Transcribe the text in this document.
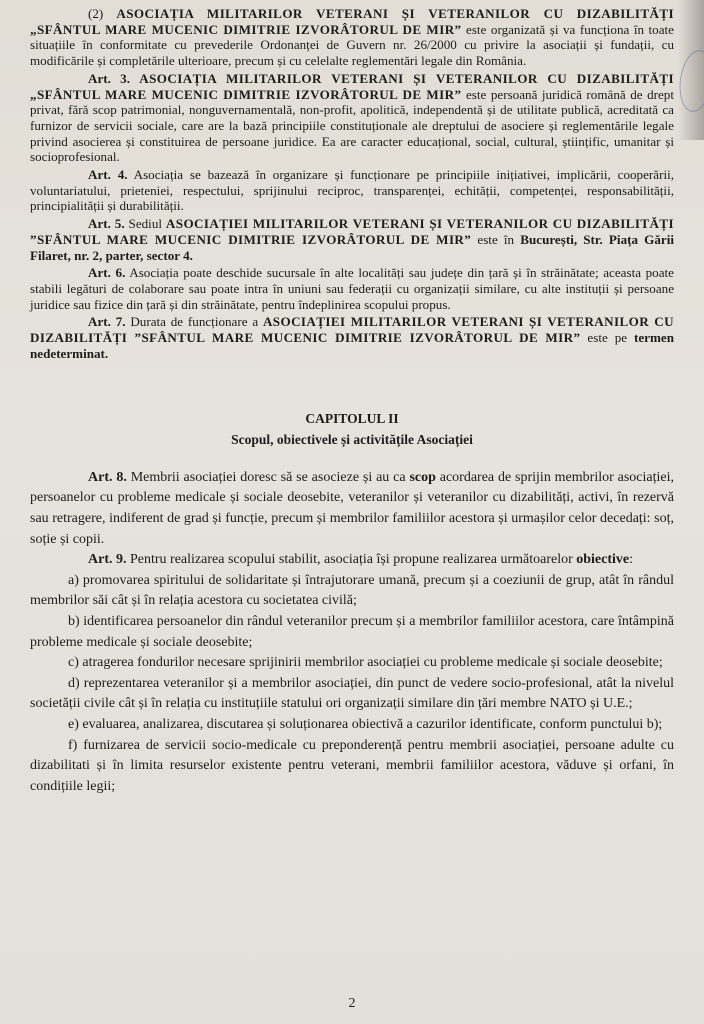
(2) ASOCIAȚIA MILITARILOR VETERANI ȘI VETERANILOR CU DIZABILITĂȚI „SFÂNTUL MARE MUCENIC DIMITRIE IZVORÂTORUL DE MIR” este organizată și va funcționa în toate situațiile în conformitate cu prevederile Ordonanței de Guvern nr. 26/2000 cu privire la asociații și fundații, cu modificările și completările ulterioare, precum și cu celelalte reglementări legale din România.

Art. 3. ASOCIAȚIA MILITARILOR VETERANI ȘI VETERANILOR CU DIZABILITĂȚI „SFÂNTUL MARE MUCENIC DIMITRIE IZVORÂTORUL DE MIR” este persoană juridică română de drept privat, fără scop patrimonial, nonguvernamentală, non-profit, apolitică, independentă și de utilitate publică, acreditată ca furnizor de servicii sociale, care are la bază principiile constituționale ale dreptului de asociere și reglementările legale privind asocierea și constituirea de persoane juridice. Ea are caracter educațional, social, cultural, științific, umanitar și socioprofesional.

Art. 4. Asociația se bazează în organizare și funcționare pe principiile inițiativei, implicării, cooperării, voluntariatului, prieteniei, respectului, sprijinului reciproc, transparenței, echității, competenței, responsabilității, principialității și durabilității.

Art. 5. Sediul ASOCIAȚIEI MILITARILOR VETERANI ȘI VETERANILOR CU DIZABILITĂȚI ”SFÂNTUL MARE MUCENIC DIMITRIE IZVORÂTORUL DE MIR” este în București, Str. Piața Gării Filaret, nr. 2, parter, sector 4.

Art. 6. Asociația poate deschide sucursale în alte localități sau județe din țară și în străinătate; aceasta poate stabili legături de colaborare sau poate intra în uniuni sau federații cu organizații similare, cu alte instituții și persoane juridice sau fizice din țară și din străinătate, pentru îndeplinirea scopului propus.

Art. 7. Durata de funcționare a ASOCIAȚIEI MILITARILOR VETERANI ȘI VETERANILOR CU DIZABILITĂȚI ”SFÂNTUL MARE MUCENIC DIMITRIE IZVORÂTORUL DE MIR” este pe termen nedeterminat.

CAPITOLUL II
Scopul, obiectivele și activitățile Asociației

Art. 8. Membrii asociației doresc să se asocieze și au ca scop acordarea de sprijin membrilor asociației, persoanelor cu probleme medicale și sociale deosebite, veteranilor și veteranilor cu dizabilități, activi, în rezervă sau retragere, indiferent de grad și funcție, precum și membrilor familiilor acestora și urmașilor celor decedați: soț, soție și copii.

Art. 9. Pentru realizarea scopului stabilit, asociația își propune realizarea următoarelor obiective:

a) promovarea spiritului de solidaritate și întrajutorare umană, precum și a coeziunii de grup, atât în rândul membrilor săi cât și în relația acestora cu societatea civilă;

b) identificarea persoanelor din rândul veteranilor precum și a membrilor familiilor acestora, care întâmpină probleme medicale și sociale deosebite;

c) atragerea fondurilor necesare sprijinirii membrilor asociației cu probleme medicale și sociale deosebite;

d) reprezentarea veteranilor și a membrilor asociației, din punct de vedere socio-profesional, atât la nivelul societății civile cât și în relația cu instituțiile statului ori organizații similare din țări membre NATO și U.E.;

e) evaluarea, analizarea, discutarea și soluționarea obiectivă a cazurilor identificate, conform punctului b);

f) furnizarea de servicii socio-medicale cu preponderență pentru membrii asociației, persoane adulte cu dizabilitati și în limita resurselor existente pentru veterani, membrii familiilor acestora, văduve și orfani, în condițiile legii;

2
